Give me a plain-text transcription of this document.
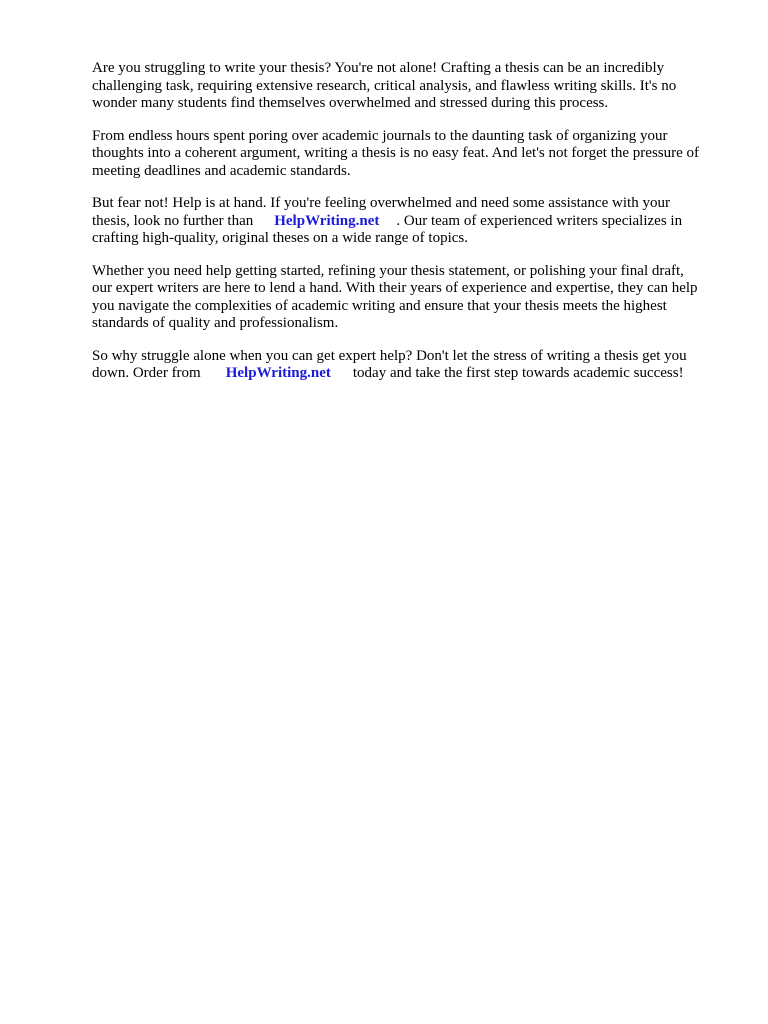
Are you struggling to write your thesis? You're not alone! Crafting a thesis can be an incredibly
challenging task, requiring extensive research, critical analysis, and flawless writing skills. It's no
wonder many students find themselves overwhelmed and stressed during this process.

From endless hours spent poring over academic journals to the daunting task of organizing your
thoughts into a coherent argument, writing a thesis is no easy feat. And let's not forget the pressure of
meeting deadlines and academic standards.

But fear not! Help is at hand. If you're feeling overwhelmed and need some assistance with your
thesis, look no further than HelpWriting.net . Our team of experienced writers specializes in
crafting high-quality, original theses on a wide range of topics.

Whether you need help getting started, refining your thesis statement, or polishing your final draft,
our expert writers are here to lend a hand. With their years of experience and expertise, they can help
you navigate the complexities of academic writing and ensure that your thesis meets the highest
standards of quality and professionalism.

So why struggle alone when you can get expert help? Don't let the stress of writing a thesis get you
down. Order from HelpWriting.net today and take the first step towards academic success!
